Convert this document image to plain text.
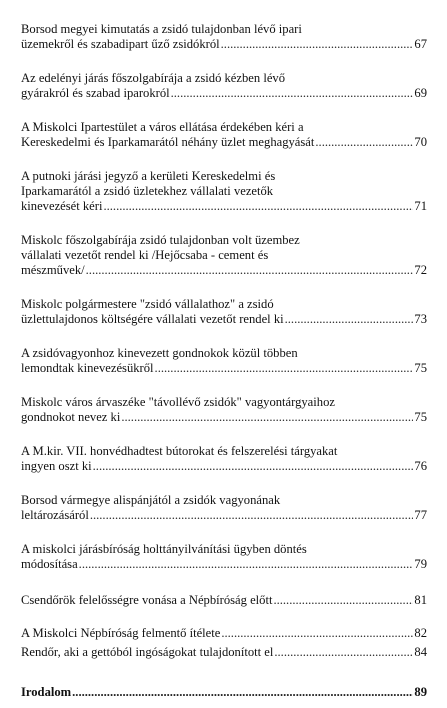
Borsod megyei kimutatás a zsidó tulajdonban lévő ipari
üzemekről és szabadipart űző zsidókról .....	67
Az edelényi járás főszolgabírája a zsidó kézben lévő
gyárakról és szabad iparokról .....	69
A Miskolci Ipartestület a város ellátása érdekében kéri a
Kereskedelmi és Iparkamarától néhány üzlet meghagyását .....	70
A putnoki járási jegyző a kerületi Kereskedelmi és
Iparkamarától a zsidó üzletekhez vállalati vezetők
kinevezését kéri .....	71
Miskolc főszolgabírája zsidó tulajdonban volt üzembez
vállalati vezetőt rendel ki /Hejőcsaba - cement és
mészművek/ .....	72
Miskolc polgármestere "zsidó vállalathoz" a zsidó
üzlettulajdonos költségére vállalati vezetőt rendel ki .....	73
A zsidóvagyonhoz kinevezett gondnokok közül többen
lemondtak kinevezésükről .....	75
Miskolc város árvaszéke "távollévő zsidók" vagyontárgyaihoz
gondnokot nevez ki .....	75
A M.kir. VII. honvédhadtest bútorokat és felszerelési tárgyakat
ingyen oszt ki .....	76
Borsod vármegye alispánjától a zsidók vagyonának
leltározásáról .....	77
A miskolci járásbíróság holttányilvánítási ügyben döntés
módosítása .....	79
Csendőrök felelősségre vonása a Népbíróság előtt .....	81
A Miskolci Népbíróság felmentő ítélete .....	82
Rendőr, aki a gettóból ingóságokat tulajdonított el .....	84
Irodalom .....	89
